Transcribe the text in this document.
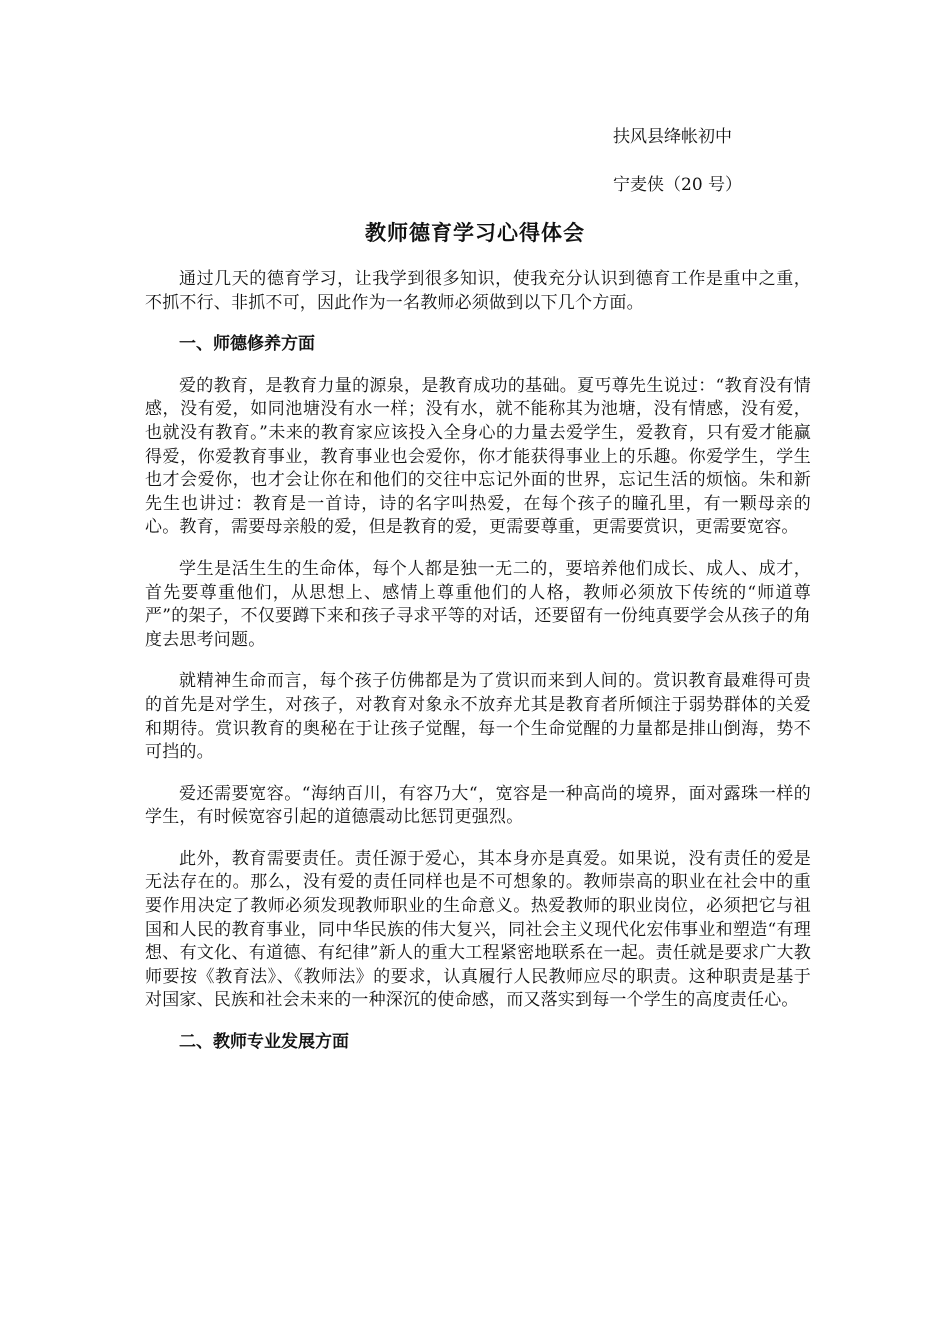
扶风县绛帐初中
宁麦侠（20 号）
教师德育学习心得体会

通过几天的德育学习，让我学到很多知识，使我充分认识到德育工作是重中之重，不抓不行、非抓不可，因此作为一名教师必须做到以下几个方面。

一、师德修养方面

爱的教育，是教育力量的源泉，是教育成功的基础。夏丐尊先生说过：“教育没有情感，没有爱，如同池塘没有水一样；没有水，就不能称其为池塘，没有情感，没有爱，也就没有教育。”未来的教育家应该投入全身心的力量去爱学生，爱教育，只有爱才能赢得爱，你爱教育事业，教育事业也会爱你，你才能获得事业上的乐趣。你爱学生，学生也才会爱你，也才会让你在和他们的交往中忘记外面的世界，忘记生活的烦恼。朱和新先生也讲过：教育是一首诗，诗的名字叫热爱，在每个孩子的瞳孔里，有一颗母亲的心。教育，需要母亲般的爱，但是教育的爱，更需要尊重，更需要赏识，更需要宽容。

学生是活生生的生命体，每个人都是独一无二的，要培养他们成长、成人、成才，首先要尊重他们，从思想上、感情上尊重他们的人格，教师必须放下传统的“师道尊严”的架子，不仅要蹲下来和孩子寻求平等的对话，还要留有一份纯真要学会从孩子的角度去思考问题。

就精神生命而言，每个孩子仿佛都是为了赏识而来到人间的。赏识教育最难得可贵的首先是对学生，对孩子，对教育对象永不放弃尤其是教育者所倾注于弱势群体的关爱和期待。赏识教育的奥秘在于让孩子觉醒，每一个生命觉醒的力量都是排山倒海，势不可挡的。

爱还需要宽容。“海纳百川，有容乃大“，宽容是一种高尚的境界，面对露珠一样的学生，有时候宽容引起的道德震动比惩罚更强烈。

此外，教育需要责任。责任源于爱心，其本身亦是真爱。如果说，没有责任的爱是无法存在的。那么，没有爱的责任同样也是不可想象的。教师崇高的职业在社会中的重要作用决定了教师必须发现教师职业的生命意义。热爱教师的职业岗位，必须把它与祖国和人民的教育事业，同中华民族的伟大复兴，同社会主义现代化宏伟事业和塑造“有理想、有文化、有道德、有纪律”新人的重大工程紧密地联系在一起。责任就是要求广大教师要按《教育法》、《教师法》的要求，认真履行人民教师应尽的职责。这种职责是基于对国家、民族和社会未来的一种深沉的使命感，而又落实到每一个学生的高度责任心。

二、教师专业发展方面
